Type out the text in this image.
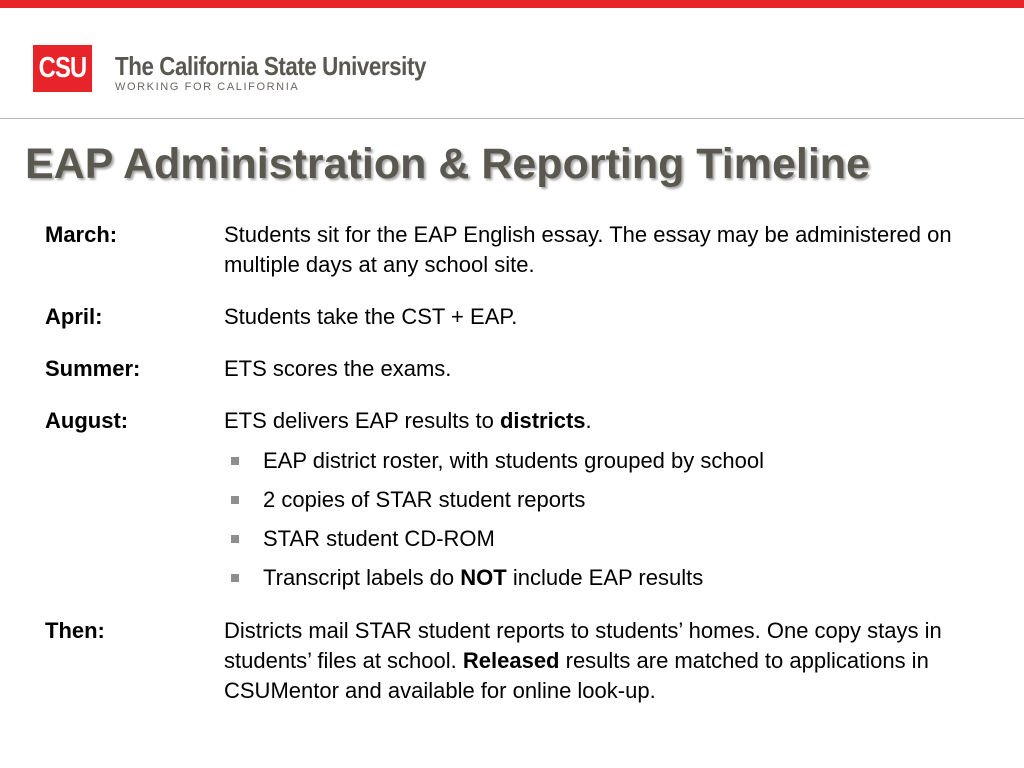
CSU The California State University
WORKING FOR CALIFORNIA
EAP Administration & Reporting Timeline
March:	Students sit for the EAP English essay. The essay may be administered on multiple days at any school site.
April:	Students take the CST + EAP.
Summer:	ETS scores the exams.
August:	ETS delivers EAP results to districts.
EAP district roster, with students grouped by school
2 copies of STAR student reports
STAR student CD-ROM
Transcript labels do NOT include EAP results
Then:	Districts mail STAR student reports to students’ homes. One copy stays in students’ files at school. Released results are matched to applications in CSUMentor and available for online look-up.
